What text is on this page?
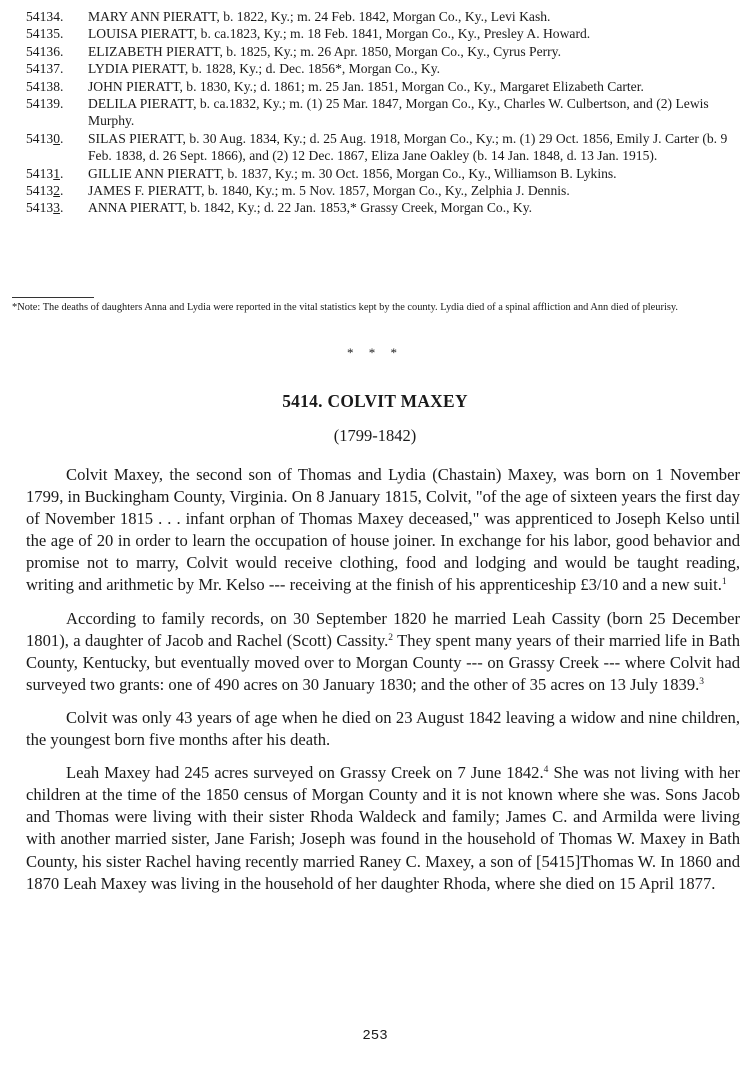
54134.	MARY ANN PIERATT, b. 1822, Ky.; m. 24 Feb. 1842, Morgan Co., Ky., Levi Kash.
54135.	LOUISA PIERATT, b. ca.1823, Ky.; m. 18 Feb. 1841, Morgan Co., Ky., Presley A. Howard.
54136.	ELIZABETH PIERATT, b. 1825, Ky.; m. 26 Apr. 1850, Morgan Co., Ky., Cyrus Perry.
54137.	LYDIA PIERATT, b. 1828, Ky.; d. Dec. 1856*, Morgan Co., Ky.
54138.	JOHN PIERATT, b. 1830, Ky.; d. 1861; m. 25 Jan. 1851, Morgan Co., Ky., Margaret Elizabeth Carter.
54139.	DELILA PIERATT, b. ca.1832, Ky.; m. (1) 25 Mar. 1847, Morgan Co., Ky., Charles W. Culbertson, and (2) Lewis Murphy.
54130.	SILAS PIERATT, b. 30 Aug. 1834, Ky.; d. 25 Aug. 1918, Morgan Co., Ky.; m. (1) 29 Oct. 1856, Emily J. Carter (b. 9 Feb. 1838, d. 26 Sept. 1866), and (2) 12 Dec. 1867, Eliza Jane Oakley (b. 14 Jan. 1848, d. 13 Jan. 1915).
54131.	GILLIE ANN PIERATT, b. 1837, Ky.; m. 30 Oct. 1856, Morgan Co., Ky., Williamson B. Lykins.
54132.	JAMES F. PIERATT, b. 1840, Ky.; m. 5 Nov. 1857, Morgan Co., Ky., Zelphia J. Dennis.
54133.	ANNA PIERATT, b. 1842, Ky.; d. 22 Jan. 1853,* Grassy Creek, Morgan Co., Ky.
*Note: The deaths of daughters Anna and Lydia were reported in the vital statistics kept by the county. Lydia died of a spinal affliction and Ann died of pleurisy.
* * *
5414. COLVIT MAXEY
(1799-1842)

Colvit Maxey, the second son of Thomas and Lydia (Chastain) Maxey, was born on 1 November 1799, in Buckingham County, Virginia. On 8 January 1815, Colvit, "of the age of sixteen years the first day of November 1815 . . . infant orphan of Thomas Maxey deceased," was apprenticed to Joseph Kelso until the age of 20 in order to learn the occupation of house joiner. In exchange for his labor, good behavior and promise not to marry, Colvit would receive clothing, food and lodging and would be taught reading, writing and arithmetic by Mr. Kelso --- receiving at the finish of his apprenticeship £3/10 and a new suit.$^1$

According to family records, on 30 September 1820 he married Leah Cassity (born 25 December 1801), a daughter of Jacob and Rachel (Scott) Cassity.$^2$ They spent many years of their married life in Bath County, Kentucky, but eventually moved over to Morgan County --- on Grassy Creek --- where Colvit had surveyed two grants: one of 490 acres on 30 January 1830; and the other of 35 acres on 13 July 1839.$^3$

Colvit was only 43 years of age when he died on 23 August 1842 leaving a widow and nine children, the youngest born five months after his death.

Leah Maxey had 245 acres surveyed on Grassy Creek on 7 June 1842.$^4$ She was not living with her children at the time of the 1850 census of Morgan County and it is not known where she was. Sons Jacob and Thomas were living with their sister Rhoda Waldeck and family; James C. and Armilda were living with another married sister, Jane Farish; Joseph was found in the household of Thomas W. Maxey in Bath County, his sister Rachel having recently married Raney C. Maxey, a son of [5415]Thomas W. In 1860 and 1870 Leah Maxey was living in the household of her daughter Rhoda, where she died on 15 April 1877.

253
